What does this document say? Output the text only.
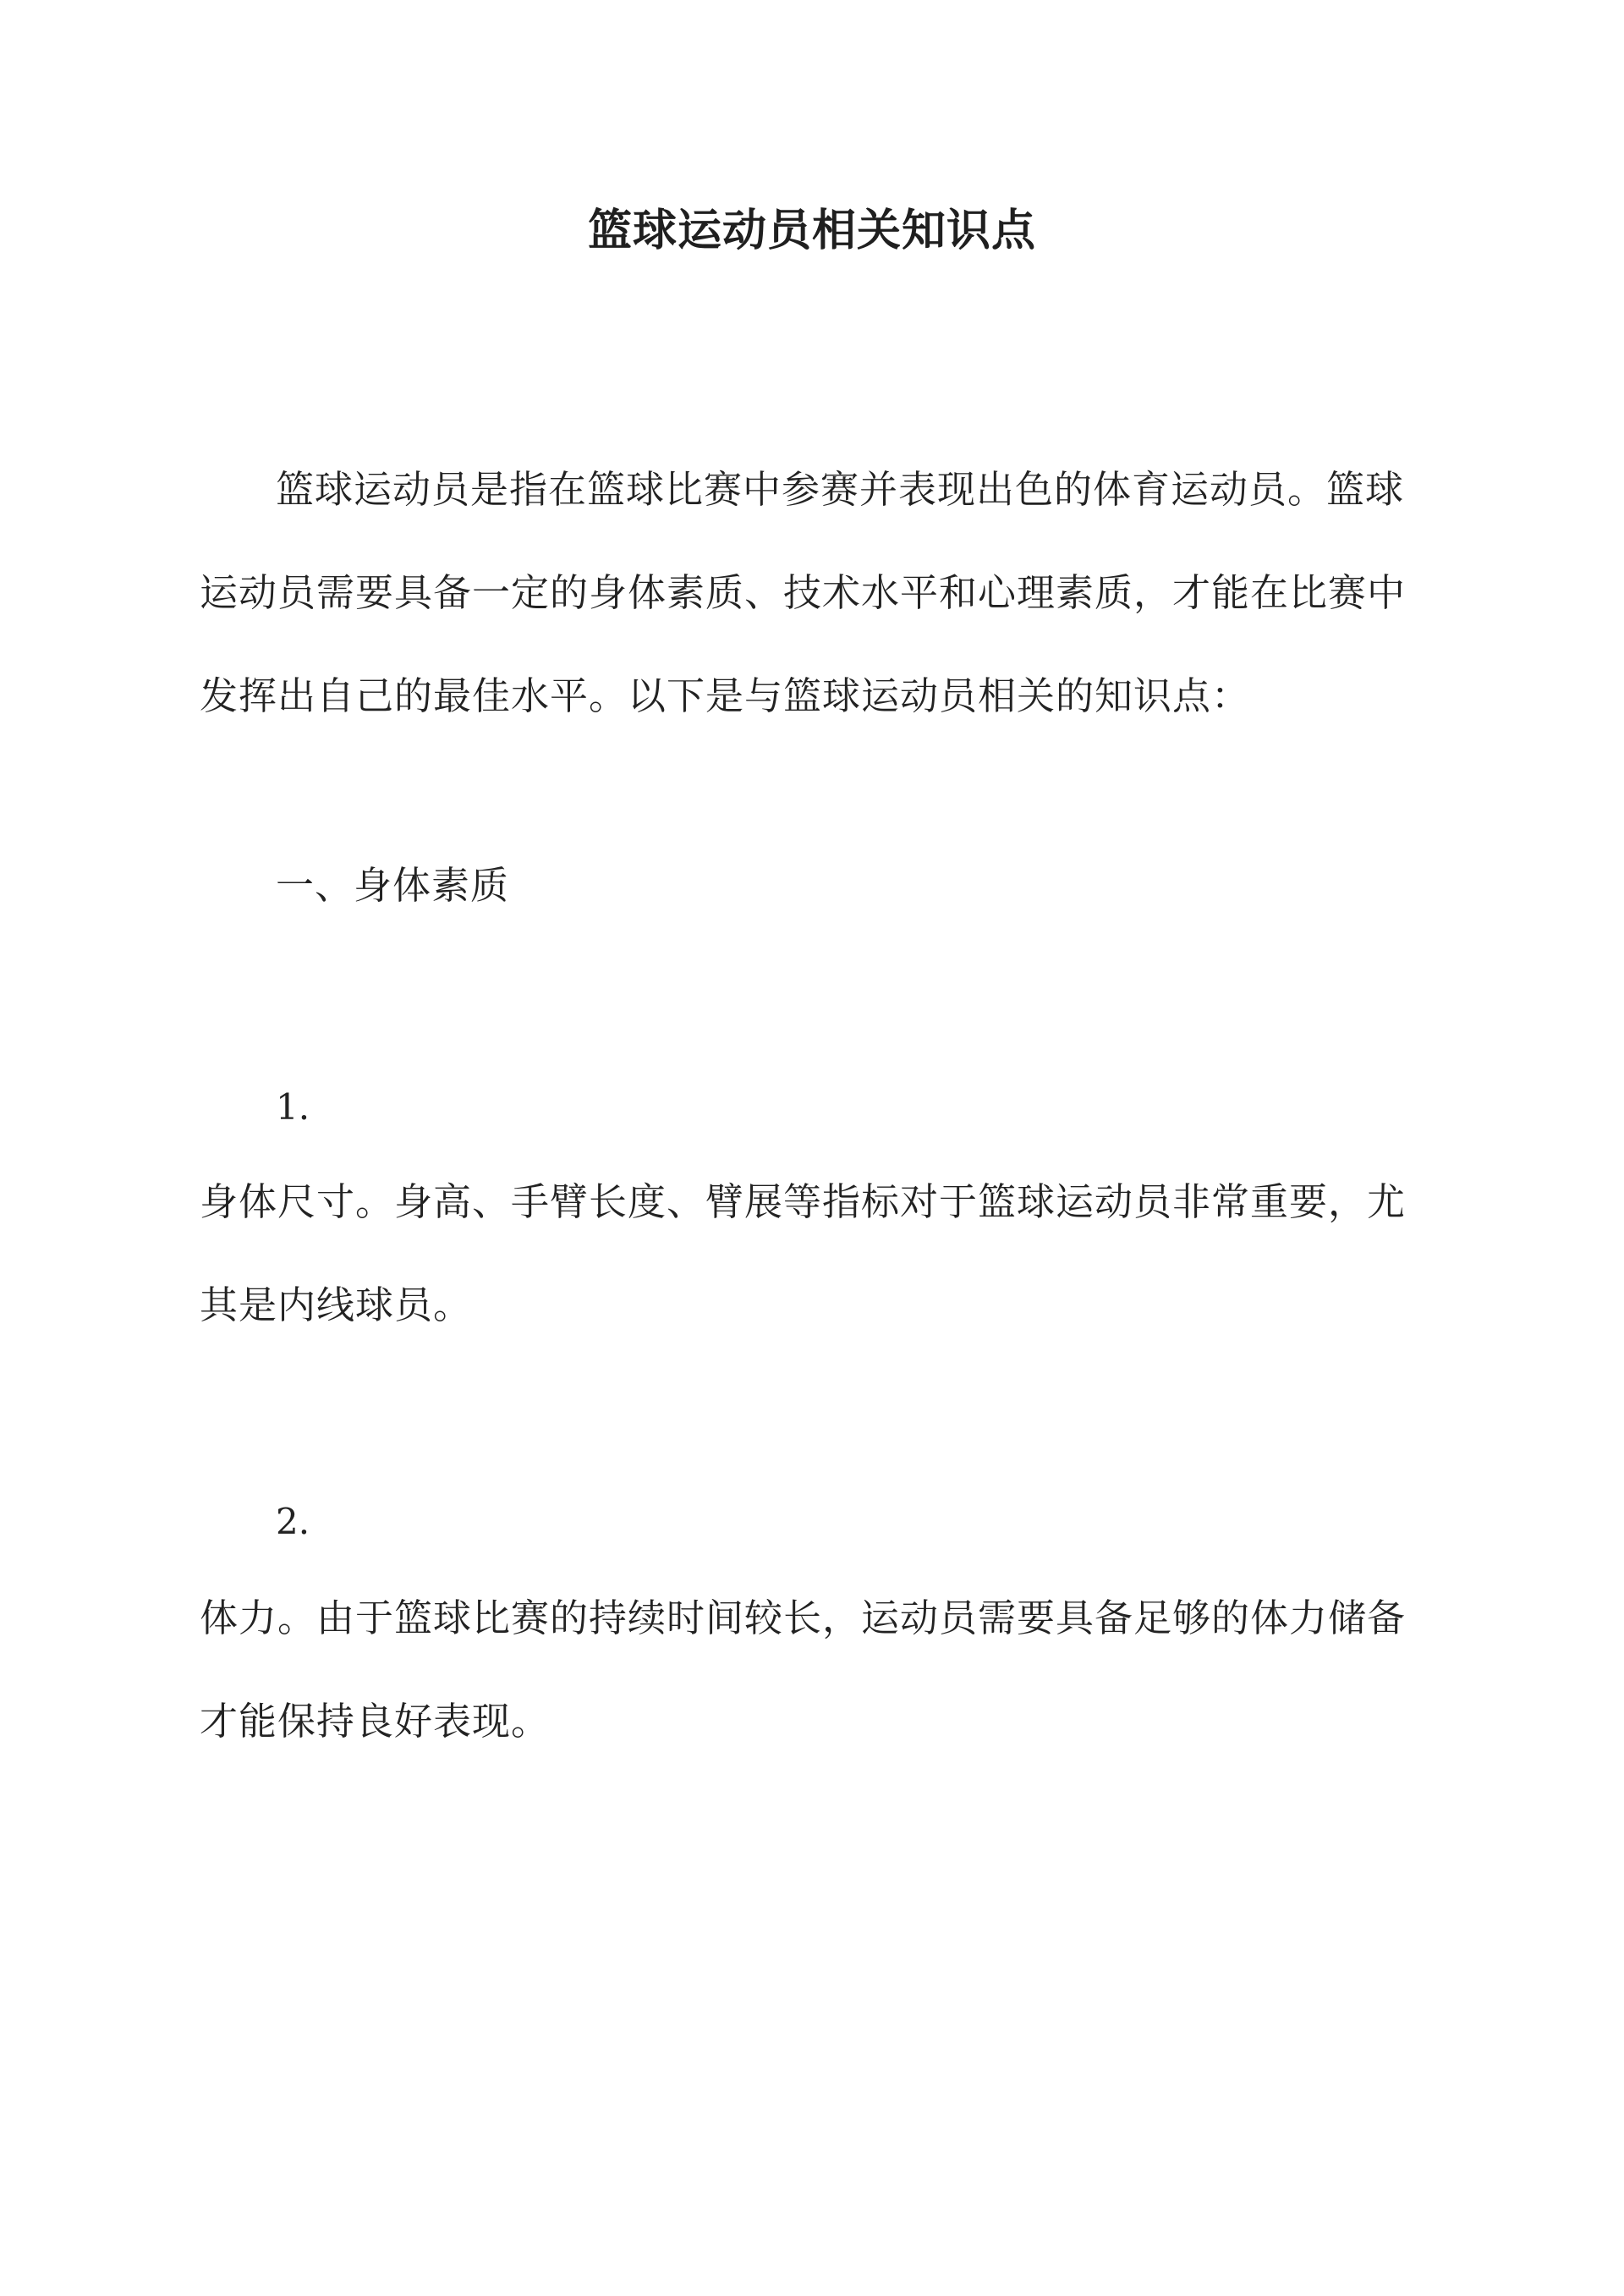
篮球运动员相关知识点

篮球运动员是指在篮球比赛中参赛并表现出色的体育运动员。篮球运动员需要具备一定的身体素质、技术水平和心理素质，才能在比赛中发挥出自己的最佳水平。以下是与篮球运动员相关的知识点：

一、身体素质

1.

身体尺寸。身高、手臂长度、臂展等指标对于篮球运动员非常重要，尤其是内线球员。

2.

体力。由于篮球比赛的持续时间较长，运动员需要具备足够的体力储备才能保持良好表现。
